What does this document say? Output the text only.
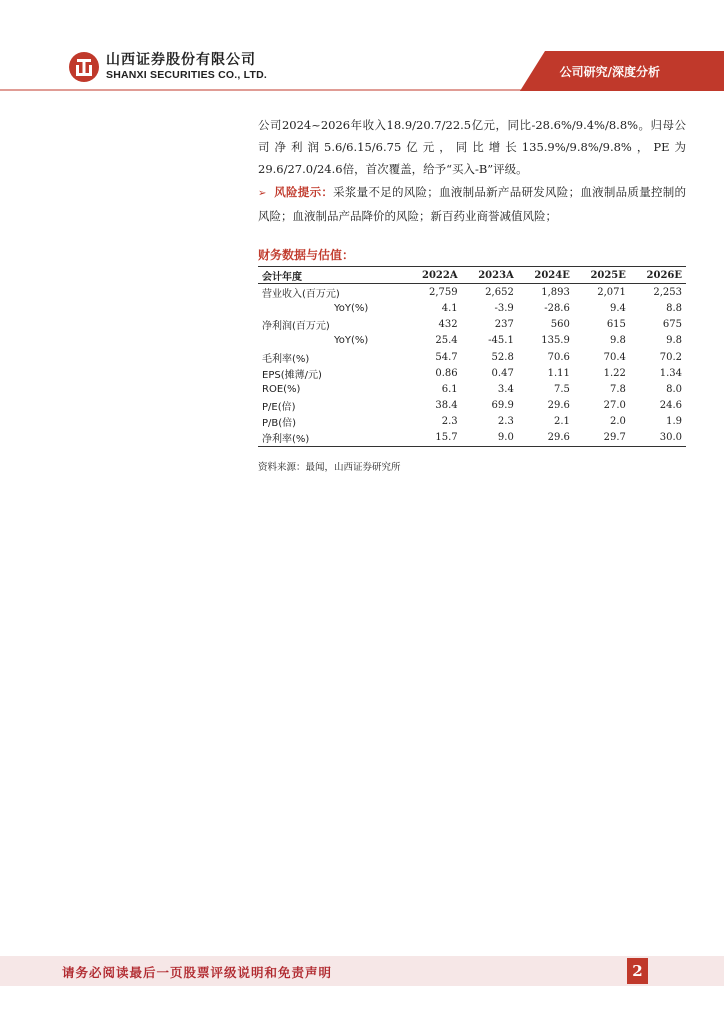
山西证券股份有限公司
SHANXI SECURITIES CO., LTD.	公司研究/深度分析
公司2024~2026年收入18.9/20.7/22.5亿元，同比-28.6%/9.4%/8.8%。归母公司净利润5.6/6.15/6.75亿元，同比增长135.9%/9.8%/9.8%，PE为29.6/27.0/24.6倍，首次覆盖，给予“买入-B”评级。
➢ 风险提示：采浆量不足的风险；血液制品新产品研发风险；血液制品质量控制的风险；血液制品产品降价的风险；新百药业商誉减值风险；
财务数据与估值：
会计年度	2022A	2023A	2024E	2025E	2026E
营业收入(百万元)	2,759	2,652	1,893	2,071	2,253
YoY(%)	4.1	-3.9	-28.6	9.4	8.8
净利润(百万元)	432	237	560	615	675
YoY(%)	25.4	-45.1	135.9	9.8	9.8
毛利率(%)	54.7	52.8	70.6	70.4	70.2
EPS(摊薄/元)	0.86	0.47	1.11	1.22	1.34
ROE(%)	6.1	3.4	7.5	7.8	8.0
P/E(倍)	38.4	69.9	29.6	27.0	24.6
P/B(倍)	2.3	2.3	2.1	2.0	1.9
净利率(%)	15.7	9.0	29.6	29.7	30.0
资料来源：最闻，山西证券研究所
请务必阅读最后一页股票评级说明和免责声明	2
